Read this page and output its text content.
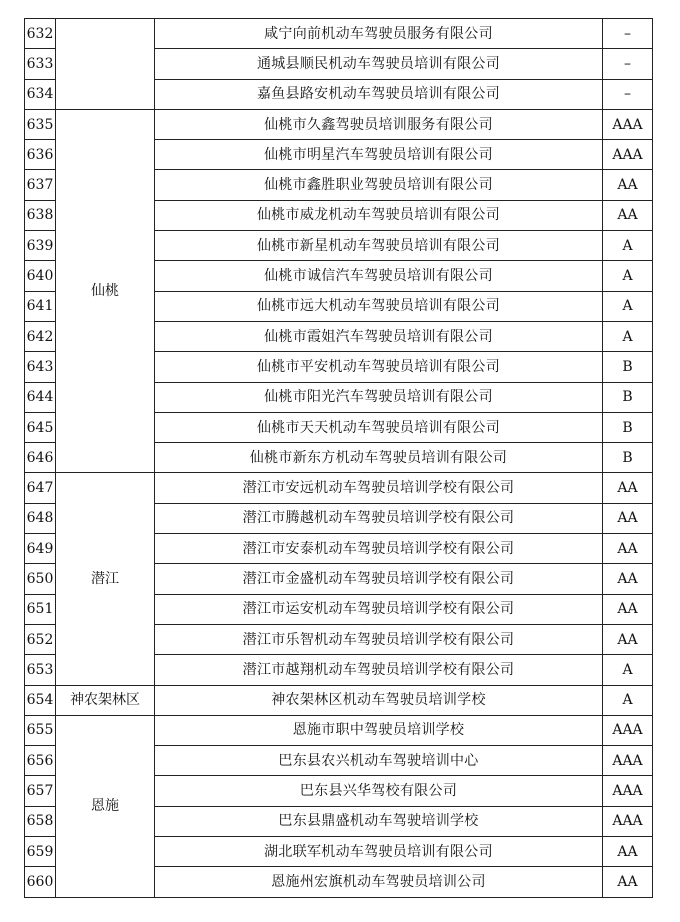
632		咸宁向前机动车驾驶员服务有限公司	–
633		通城县顺民机动车驾驶员培训有限公司	–
634		嘉鱼县路安机动车驾驶员培训有限公司	–
635	仙桃	仙桃市久鑫驾驶员培训服务有限公司	AAA
636		仙桃市明星汽车驾驶员培训有限公司	AAA
637		仙桃市鑫胜职业驾驶员培训有限公司	AA
638		仙桃市威龙机动车驾驶员培训有限公司	AA
639		仙桃市新星机动车驾驶员培训有限公司	A
640		仙桃市诚信汽车驾驶员培训有限公司	A
641		仙桃市远大机动车驾驶员培训有限公司	A
642		仙桃市霞姐汽车驾驶员培训有限公司	A
643		仙桃市平安机动车驾驶员培训有限公司	B
644		仙桃市阳光汽车驾驶员培训有限公司	B
645		仙桃市天天机动车驾驶员培训有限公司	B
646		仙桃市新东方机动车驾驶员培训有限公司	B
647	潜江	潜江市安远机动车驾驶员培训学校有限公司	AA
648		潜江市腾越机动车驾驶员培训学校有限公司	AA
649		潜江市安泰机动车驾驶员培训学校有限公司	AA
650		潜江市金盛机动车驾驶员培训学校有限公司	AA
651		潜江市运安机动车驾驶员培训学校有限公司	AA
652		潜江市乐智机动车驾驶员培训学校有限公司	AA
653		潜江市越翔机动车驾驶员培训学校有限公司	A
654	神农架林区	神农架林区机动车驾驶员培训学校	A
655	恩施	恩施市职中驾驶员培训学校	AAA
656		巴东县农兴机动车驾驶培训中心	AAA
657		巴东县兴华驾校有限公司	AAA
658		巴东县鼎盛机动车驾驶培训学校	AAA
659		湖北联军机动车驾驶员培训有限公司	AA
660		恩施州宏旗机动车驾驶员培训公司	AA
